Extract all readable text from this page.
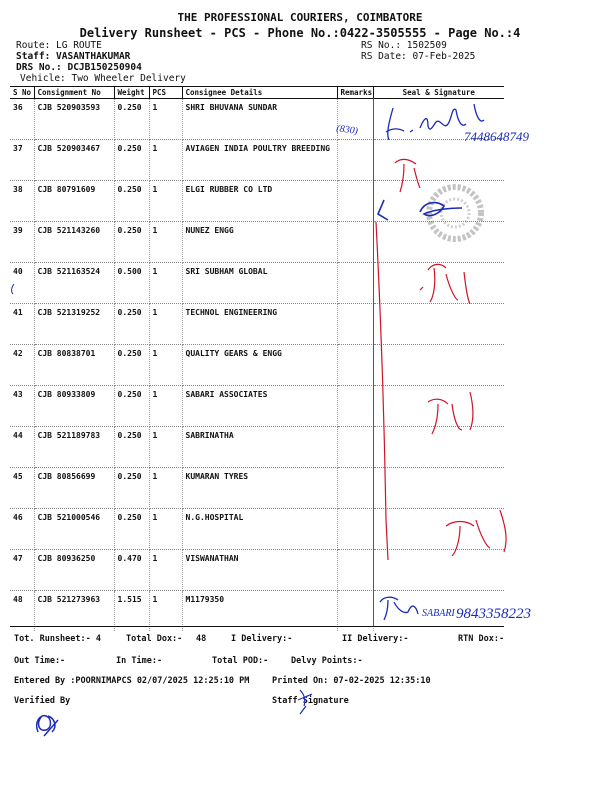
THE PROFESSIONAL COURIERS, COIMBATORE
Delivery Runsheet - PCS - Phone No.:0422-3505555 - Page No.:4
Route: LG ROUTE
Staff: VASANTHAKUMAR
DRS No.: DCJB150250904
Vehicle: Two Wheeler Delivery
RS No.: 1502509
RS Date: 07-Feb-2025
S No	Consignment No	Weight	PCS	Consignee Details	Remarks	Seal & Signature
36	CJB 520903593	0.250	1	SHRI BHUVANA SUNDAR		
37	CJB 520903467	0.250	1	AVIAGEN INDIA POULTRY BREEDING		
38	CJB 80791609	0.250	1	ELGI RUBBER CO LTD		
39	CJB 521143260	0.250	1	NUNEZ ENGG		
40	CJB 521163524	0.500	1	SRI SUBHAM GLOBAL		
41	CJB 521319252	0.250	1	TECHNOL ENGINEERING		
42	CJB 80838701	0.250	1	QUALITY GEARS & ENGG		
43	CJB 80933809	0.250	1	SABARI ASSOCIATES		
44	CJB 521189783	0.250	1	SABRINATHA		
45	CJB 80856699	0.250	1	KUMARAN TYRES		
46	CJB 521000546	0.250	1	N.G.HOSPITAL		
47	CJB 80936250	0.470	1	VISWANATHAN		
48	CJB 521273963	1.515	1	M1179350		
Tot. Runsheet:- 4	Total Dox:- 48	I Delivery:-	II Delivery:-	RTN Dox:-
Out Time:-	In Time:-	Total POD:-	Delvy Points:-
Entered By :POORNIMAPCS 02/07/2025 12:25:10 PM	Printed On: 07-02-2025 12:35:10
Verified By	Staff Signature
(830)	7448648749
SABARI 9843358223
